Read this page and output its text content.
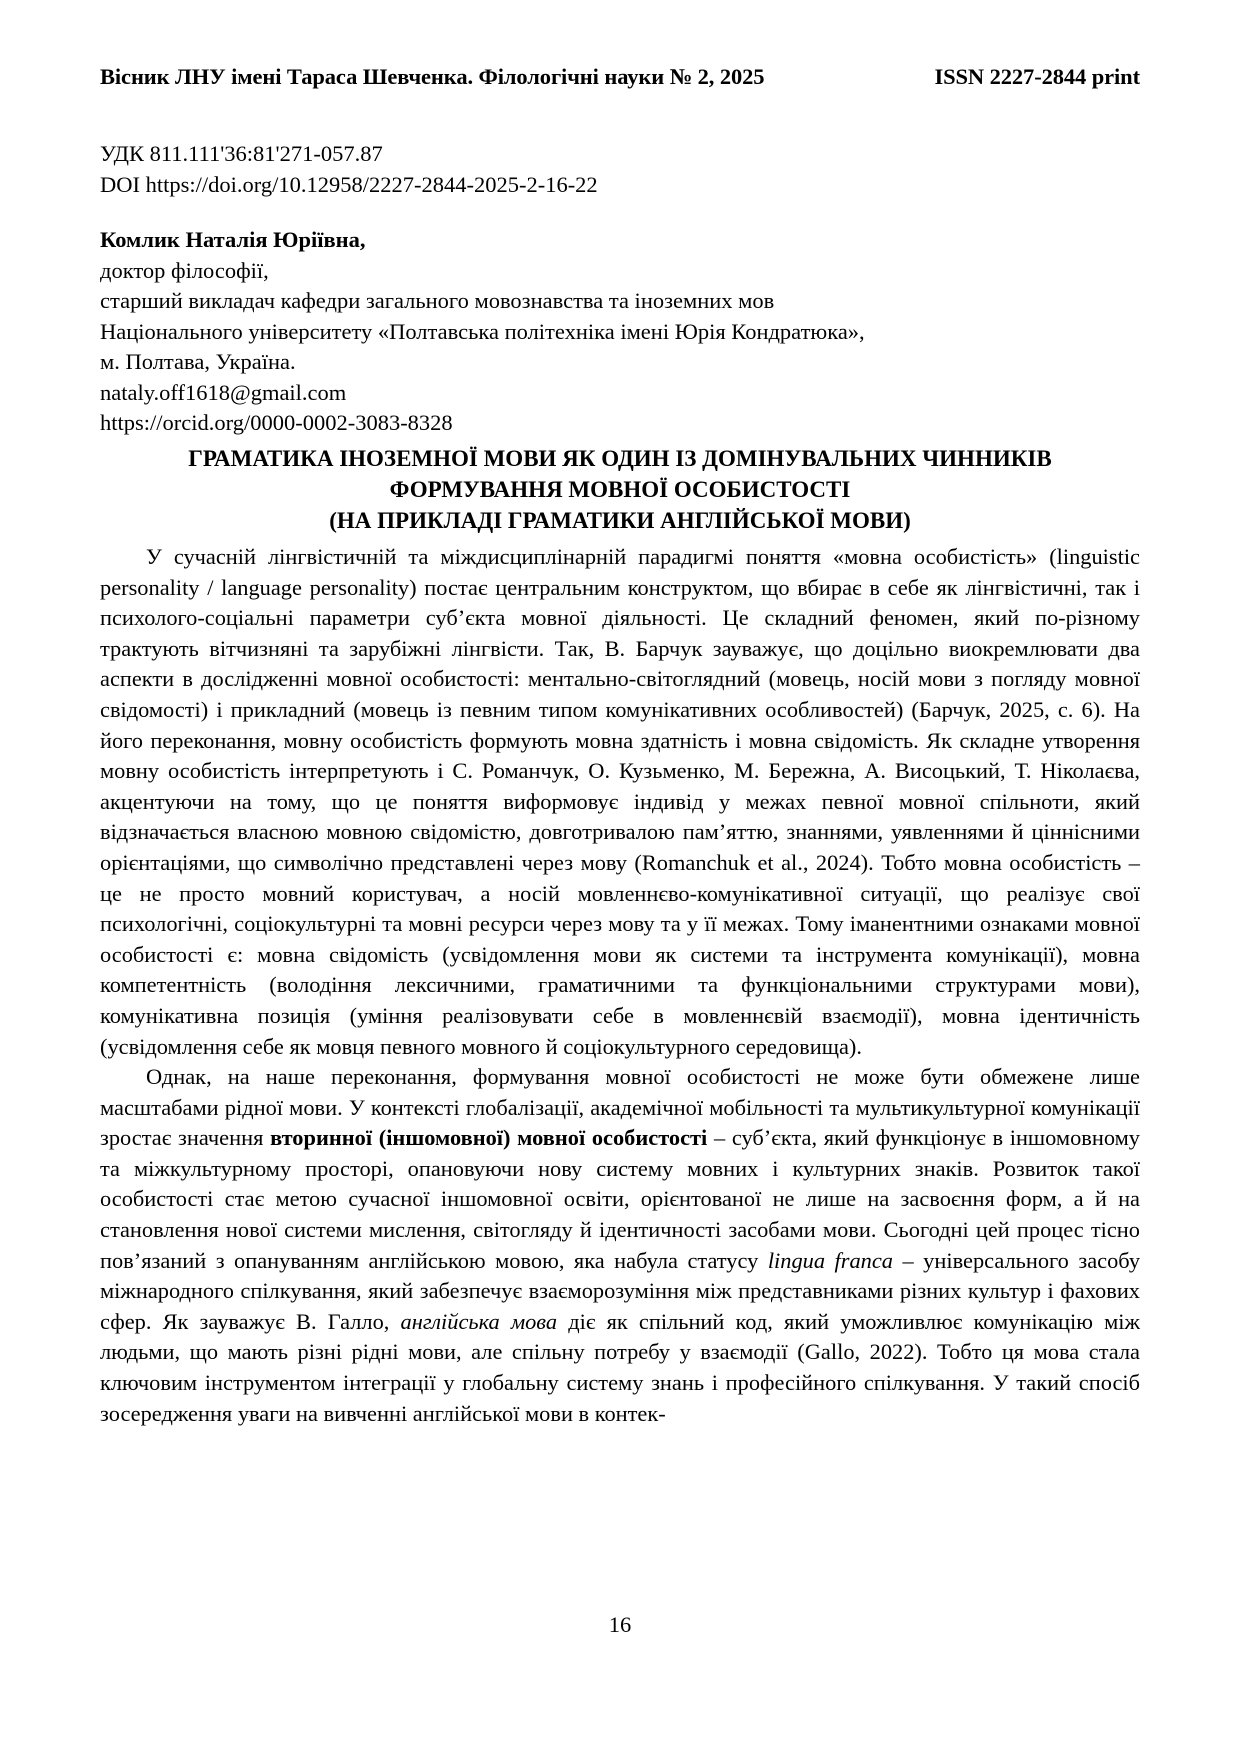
Вісник ЛНУ імені Тараса Шевченка. Філологічні науки № 2, 2025	ISSN 2227-2844 print
УДК 811.111'36:81'271-057.87
DOI https://doi.org/10.12958/2227-2844-2025-2-16-22
Комлик Наталія Юріївна,
доктор філософії,
старший викладач кафедри загального мовознавства та іноземних мов
Національного університету «Полтавська політехніка імені Юрія Кондратюка»,
м. Полтава, Україна.
nataly.off1618@gmail.com
https://orcid.org/0000-0002-3083-8328
ГРАМАТИКА ІНОЗЕМНОЇ МОВИ ЯК ОДИН ІЗ ДОМІНУВАЛЬНИХ ЧИННИКІВ
ФОРМУВАННЯ МОВНОЇ ОСОБИСТОСТІ
(НА ПРИКЛАДІ ГРАМАТИКИ АНГЛІЙСЬКОЇ МОВИ)

У сучасній лінгвістичній та міждисциплінарній парадигмі поняття «мовна особистість» (linguistic personality / language personality) постає центральним конструктом, що вбирає в себе як лінгвістичні, так і психолого-соціальні параметри суб’єкта мовної діяльності. Це складний феномен, який по-різному трактують вітчизняні та зарубіжні лінгвісти. Так, В. Барчук зауважує, що доцільно виокремлювати два аспекти в дослідженні мовної особистості: ментально-світоглядний (мовець, носій мови з погляду мовної свідомості) і прикладний (мовець із певним типом комунікативних особливостей) (Барчук, 2025, с. 6). На його переконання, мовну особистість формують мовна здатність і мовна свідомість. Як складне утворення мовну особистість інтерпретують і С. Романчук, О. Кузьменко, М. Бережна, А. Висоцький, Т. Ніколаєва, акцентуючи на тому, що це поняття виформовує індивід у межах певної мовної спільноти, який відзначається власною мовною свідомістю, довготривалою пам’яттю, знаннями, уявленнями й ціннісними орієнтаціями, що символічно представлені через мову (Romanchuk et al., 2024). Тобто мовна особистість – це не просто мовний користувач, а носій мовленнєво-комунікативної ситуації, що реалізує свої психологічні, соціокультурні та мовні ресурси через мову та у її межах. Тому іманентними ознаками мовної особистості є: мовна свідомість (усвідомлення мови як системи та інструмента комунікації), мовна компетентність (володіння лексичними, граматичними та функціональними структурами мови), комунікативна позиція (уміння реалізовувати себе в мовленнєвій взаємодії), мовна ідентичність (усвідомлення себе як мовця певного мовного й соціокультурного середовища).

Однак, на наше переконання, формування мовної особистості не може бути обмежене лише масштабами рідної мови. У контексті глобалізації, академічної мобільності та мультикультурної комунікації зростає значення вторинної (іншомовної) мовної особистості – суб’єкта, який функціонує в іншомовному та міжкультурному просторі, опановуючи нову систему мовних і культурних знаків. Розвиток такої особистості стає метою сучасної іншомовної освіти, орієнтованої не лише на засвоєння форм, а й на становлення нової системи мислення, світогляду й ідентичності засобами мови. Сьогодні цей процес тісно пов’язаний з опануванням англійською мовою, яка набула статусу lingua franca – універсального засобу міжнародного спілкування, який забезпечує взаєморозуміння між представниками різних культур і фахових сфер. Як зауважує В. Галло, англійська мова діє як спільний код, який уможливлює комунікацію між людьми, що мають різні рідні мови, але спільну потребу у взаємодії (Gallo, 2022). Тобто ця мова стала ключовим інструментом інтеграції у глобальну систему знань і професійного спілкування. У такий спосіб зосередження уваги на вивченні англійської мови в контек-

16
